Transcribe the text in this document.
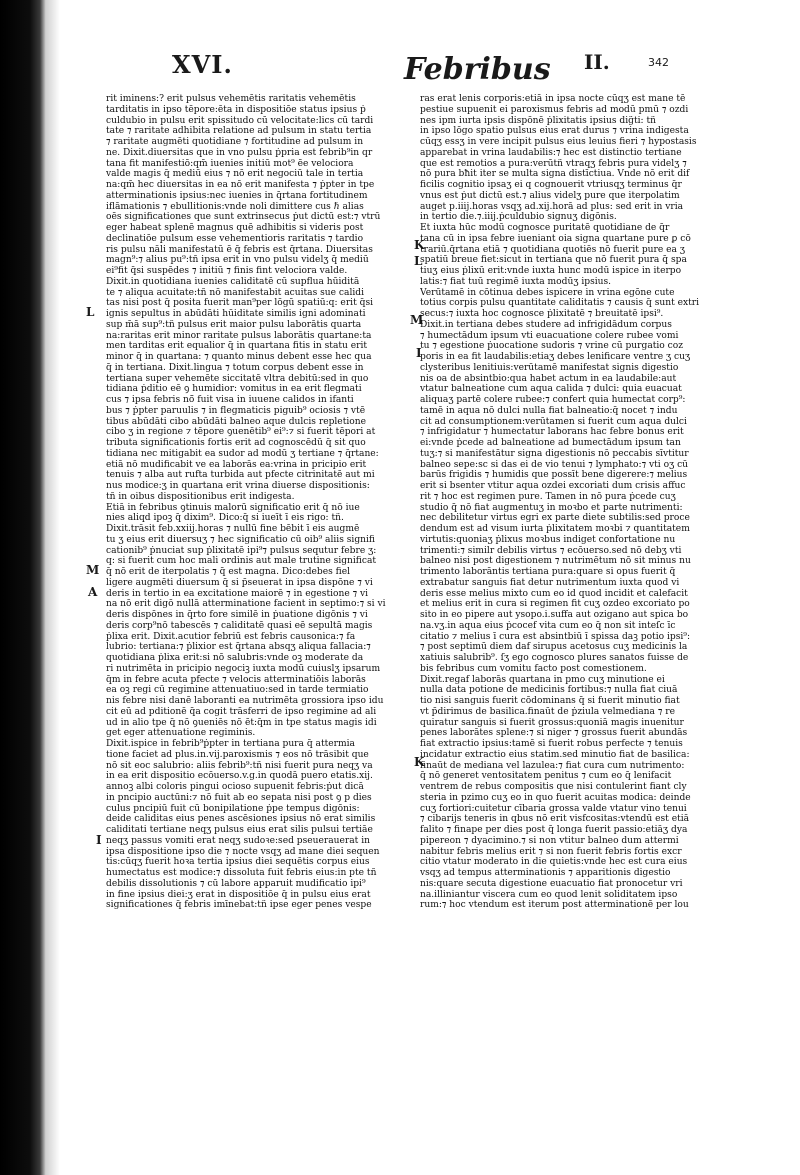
XVI.	Febribus II.	342
L
M
A
I
K
L
M
I
K
rit iminens:? erit pulsus vehemētis raritatis vehemētis
tarditatis in ipso tēpore:ēta in dispositiōe status ipsius ṗ
culdubio in pulsu erit spissitudo cū velocitate:lics cū tardi
tate ⁊ raritate adhibita relatione ad pulsum in statu tertia
⁊ raritate augmēti quotidiane ⁊ fortitudine ad pulsum in
ne. Dixit.diuersitas que in vno pulsu ṗpria est febrib⁹in qr
tana fit manifestiō:qm̄ iuenies initiū mot⁹ ēe velociora
valde magis q̄ mediū eius ⁊ nō erit negociū tale in tertia
na:qm̄ hec diuersitas in ea nō erit manifesta ⁊ ṗpter in tpe
atterminationis ipsius:nec iuenies in q̄rtana fortitudinem
iflāmationis ⁊ ebullitionis:vnde noli dimittere cus ℏ alias
oēs significationes que sunt extrinsecus ṗut dictū est:⁊ vtrū
eger habeat splenē magnus quē adhibitis si videris post
declinatiōe pulsum esse vehementioris raritatis ⁊ tardio
ris pulsu nāli manifestatū ē q̄ febris est q̄rtana. Diuersitas
magn⁹:⁊ alius pu⁹:tñ ipsa erit in vno pulsu videlʒ q̄ mediū
ei⁹fit q̄si suspēdes ⁊ initiū ⁊ finis fint velociora valde.
Dixit.in quotidiana iuenies caliditatē cū supflua hūiditā
te ⁊ aliqua acuitate:tñ nō manifestabit acuitas sue calidi
tas nisi post q̄ posita fuerit man⁹per lōgū spatiū:q: erit q̄si
ignis sepultus in abūdāti hūiditate similis igni adominati
sup m̄ā sup⁹:tñ pulsus erit maior pulsu laborātis quarta
na:raritas erit minor raritate pulsus laborātis quartane:ta
men tarditas erit equalior q̄ in quartana fitis in statu erit
minor q̄ in quartana: ⁊ quanto minus debent esse hec qua
q̄ in tertiana. Dixit.lingua ⁊ totum corpus debent esse in
tertiana super vehemēte siccitatē vltra debitū:sed in quo
tidiana ṗditio eē ꝯ humidior: vomitus in ea erit flegmati
cus ⁊ ipsa febris nō̄ fuit visa in iuuene calidos in ifanti
bus ⁊ ṗpter paruulis ⁊ in flegmaticis piguib⁹ ociosis ⁊ vtē
tibus abūdāti cibo abūdāti balneo aque dulcis repletione
cibo ʒ in regione ⁊ tēpore ꝯuenētib⁹ ei⁹:⁊ si fuerit tēpori at
tributa significationis fortis erit ad cognoscēdū q̄ sit quo
tidiana nec mitigabit ea sudor ad modū ʒ tertiane ⁊ q̄rtane:
etiā nō mudificabit ve ea laborās ea:vrina in pricipio erit
tenuis ⁊ alba aut rufta turbida aut pfecte citrinitatē aut mi
nus modice:ʒ in quartana erit vrina diuerse dispositionis:
tñ in oibus dispositionibus erit indigesta.
Etiā in febribus ꝯtinuis malorū significatio erit q̄ nō iue
nies aliqd ipoꝫ q̄ dixim⁹. Dico:q̄ si iueīt ī eis rigo: tñ.
Dixit.trāsit feb.xxiij.horas ⁊ nullū fine bēbit ī eis augmē
tu ʒ eius erit diuersuʒ ⁊ hec significatio cū oib⁹ aliis signifi
cationib⁹ ṗnuciat sup ṗlixitatē ipi⁹⁊ pulsus sequtur febre ʒ:
q: si fuerit cum hoc mali ordinis aut male trutine significat
q̄ nō erit de iterpolatis ⁊ q̄ est magna. Dico:debes fiel
ligere augmēti diuersum q̄ si p̄seuerat in ipsa dispōne ⁊ vi
deris in tertio in ea excitatione maiorē ⁊ in egestione ⁊ vi
na nō erit digō nullā atterminatione facient in septimo:⁊ si vi
deris dispōnes in q̄rto fore similē in ṗuatione digōnis ⁊ vi
deris corp⁹nō tabescēs ⁊ caliditatē quasi eē sepultā magis
ṗlixa erit. Dixit.acutior febriū est febris causonica:⁊ fa
lubrio: tertiana:⁊ ṗlixior est q̄rtana absqʒ aliqua fallacia:⁊
quotidiana ṗlixa erit:si nō salubris:vnde oꝫ moderate da
ri nutrimēta in pricipio negociꝫ iuxta modū cuiuslʒ ipsarum
q̄m in febre acuta pfecte ⁊ velocis atterminatiōis laborās
ea oꝫ regi cū regimine attenuatiuo:sed in tarde termiatio
nis febre nisi danē laboranti ea nutrimēta grossiora ipso idu
cit eū ad pditionē q̄a cogit trāsferri de ipso regimine ad ali
ud in alio tpe q̄ nō ꝯueniēs nō ēt:q̄m in tpe status magis idi
get eger attenuatione regiminis.
Dixit.ispice in febrib⁹ṗpter in tertiana pura q̄ attermia
tione faciet ad plus.in.vij.paroxismis ⁊ eos nō trāsibit que
nō sit eoc salubrio: aliis febrib⁹:tñ nisi fuerit pura neqʒ va
in ea erit dispositio ecōuerso.v.g.in quodā puero etatis.xij.
annoꝫ albi coloris pingui ocioso supuenit febris:ṗut dicā
in pncipio auctūni:⁊ nō fuit ab eo sepata nisi post ꝯ p dies
culus pncipiū fuit cū bonipilatione ṗpe tempus digōnis:
deide caliditas eius penes ascēsiones ipsius nō erat similis
caliditati tertiane neqʒ pulsus eius erat silis pulsui tertiāe
neqʒ passus vomiti erat neqʒ sudoꝛe:sed pseuerauerat in
ipsa dispositione ipso die ⁊ nocte vsqʒ ad mane diei sequen
tis:cūqʒ fuerit hoꝛa tertia ipsius diei sequētis corpus eius
humectatus est modice:⁊ dissoluta fuit febris eius:in pte tñ
debilis dissolutionis ⁊ cū labore apparuit mudificatio ipi⁹
in fine ipsius diei:ʒ erat in dispositiōe q̄ in pulsu eius erat
significationes q̄ febris imīnebat:tñ ipse eger penes vespe
ras erat lenis corporis:etiā in ipsa nocte cūqʒ est mane tē
pestiue supuenit ei paroxismus febris ad modū pmū ⁊ ozdi
nes ipm iurta ipsis dispōnē ṗlixitatis ipsius dig̈ti: tñ
in ipso lōgo spatio pulsus eius erat durus ⁊ vrina indigesta
cūqʒ essʒ in vere incipit pulsus eius leuius fieri ⁊ hypostasis
apparebat in vrina laudabilis:⁊ hec est distinctio tertiane
que est remotios a pura:verūtñ vtraqʒ febris pura videlʒ ⁊
nō pura bħit iter se multa signa distīctiua. Vnde nō erit dif
ficilis cognitio ipsaʒ ei q cognouerit vtriusqʒ terminus q̄r
vnus est ṗut dictū est.⁊ alius videlʒ pure que iterpolatim
auget p.iiij.horas vsqʒ ad.xij.horā ad plus: sed erit in vria
in tertio die.⁊.iiij.ṗculdubio signuʒ digōnis.
Et iuxta hūc modū cognosce puritatē quotidiane de q̄r
tana cū in ipsa febre iueniant oia signa quartane pure ꝑ cō
trariū.q̄rtana etiā ⁊ quotidiana quotiēs nō fuerit pure ea ʒ
spatiū breue fiet:sicut in tertiana que nō fuerit pura q̄ spa
tiuʒ eius ṗlixū erit:vnde iuxta hunc modū ispice in iterpo
latis:⁊ fiat tuū regimē iuxta modūʒ ipsius.
Verūtamē in cōtinua debes ispicere in vrina egōne cute
totius corpis pulsu quantitate caliditatis ⁊ causis q̄ sunt extri
secus:⁊ iuxta hoc cognosce ṗlixitatē ⁊ breuitatē ipsi⁹.
Dixit.in tertiana debes studere ad infrigidādum corpus
⁊ humectādum ipsum vti euacuatione colere rubee vomi
tu ⁊ egestione ṗuocatione sudoris ⁊ vrine cū purgatio coz
poris in ea fit laudabilis:etiaʒ debes lenificare ventre ʒ cuʒ
clysteribus lenitiuis:verūtamē manifestat signis digestio
nis oa de absintbio:qua habet actum in ea laudabile:aut
vtatur balneatione cum aqua calida ⁊ dulci: quia euacuat
aliquaʒ partē colere rubee:⁊ confert quia humectat corp⁹:
tamē in aqua nō dulci nulla fiat balneatio:q̄ nocet ⁊ indu
cit ad consumptionem:verūtamen si fuerit cum aqua dulci
⁊ infrigidatur ⁊ humectatur laborans hac febre bonus erit
ei:vnde ṗcede ad balneatione ad bumectādum ipsum tan
tuʒ:⁊ si manifestātur signa digestionis nō peccabis sīvtitur
balneo sepe:sc si das ei de vio tenui ⁊ lymphato:⁊ vti oʒ cū
barūs frigidis ⁊ humidis que possīt bene digerere:⁊ melius
erit si bsenter vtitur aqua ozdei excoriati dum crisis affuc
rit ⁊ hoc est regimen pure. Tamen in nō pura ṗcede cuʒ
studio q̄ nō fiat augmentuʒ in moꝛbo et parte nutrimenti:
nec debilitetur virtus egri ex parte diete subtilis:sed proce
dendum est ad visum iurta ṗlixitatem moꝛbi ⁊ quantitatem
virtutis:quoniaʒ ṗlixus moꝛbus indiget confortatione nu
trimenti:⁊ similr debilis virtus ⁊ ecōuerso.sed nō debʒ vti
balneo nisi post digestionem ⁊ nutrimētum nō sit minus nu
trimento laborāntis tertiana pura:quare si opus fuerit q̄
extrabatur sanguis fiat detur nutrimentum iuxta quod vi
deris esse melius mixto cum eo id quod incidit et calefacit
et melius erit in cura si regimen fit cuʒ ozdeo excoriato po
sito in eo pipere aut ysopo.i.suffa aut ozigano aut spica bo
na.vʒ.in aqua eius ṗcocef vita cum eo q̄ non sit inteſc īc
citatio ⁊ melius ī cura est absintbiū ī spissa daꝫ potio ipsi⁹:
⁊ post septimū diem daf sirupus acetosus cuʒ medicinis la
xatiuis salubrib⁹. ſʒ ego cognosco plures sanatos fuisse de
bis febribus cum vomitu facto post comestionem.
Dixit.regaf laborās quartana in pmo cuʒ minutione ei
nulla data potione de medicinis fortibus:⁊ nulla fiat ciuā
tio nisi sanguis fuerit cōdominans q̄ si fuerit minutio fiat
vt p̄dirimus de basilica.finaūt de ṗziula velmediana ⁊ re
quiratur sanguis si fuerit grossus:quoniā magis inuenitur
penes laborātes splene:⁊ si niger ⁊ grossus fuerit abundās
fiat extractio ipsius:tamē si fuerit robus perfecte ⁊ tenuis
incidatur extractio eius statim.sed minutio fiat de basilica:
finaūt de mediana vel lazulea:⁊ fiat cura cum nutrimento:
q̄ nō generet ventositatem penitus ⁊ cum eo q̄ lenifacit
ventrem de rebus compositis que nisi contulerint fiant cly
steria in pzimo cuʒ eo in quo fuerit acuitas modica: deinde
cuʒ fortiori:cuitetur cībaria grossa valde vtatur vino tenui
⁊ cibarijs teneris in qbus nō erit visfcositas:vtendū est etiā
falito ⁊ finape per dies post q̄ longa fuerit passio:etiāʒ dya
pipereon ⁊ dyacimino.⁊ si non vtitur balneo dum attermi
nabitur febris melius erit ⁊ si non fuerit febris fortis excr
citio vtatur moderato in die quietis:vnde hec est cura eius
vsqʒ ad tempus atterminationis ⁊ apparitionis digestio
nis:quare secuta digestione euacuatio fiat pronocetur vri
na.illiniantur viscera cum eo quod lenit soliditatem ipso
rum:⁊ hoc vtendum est iterum post atterminationē per lou
